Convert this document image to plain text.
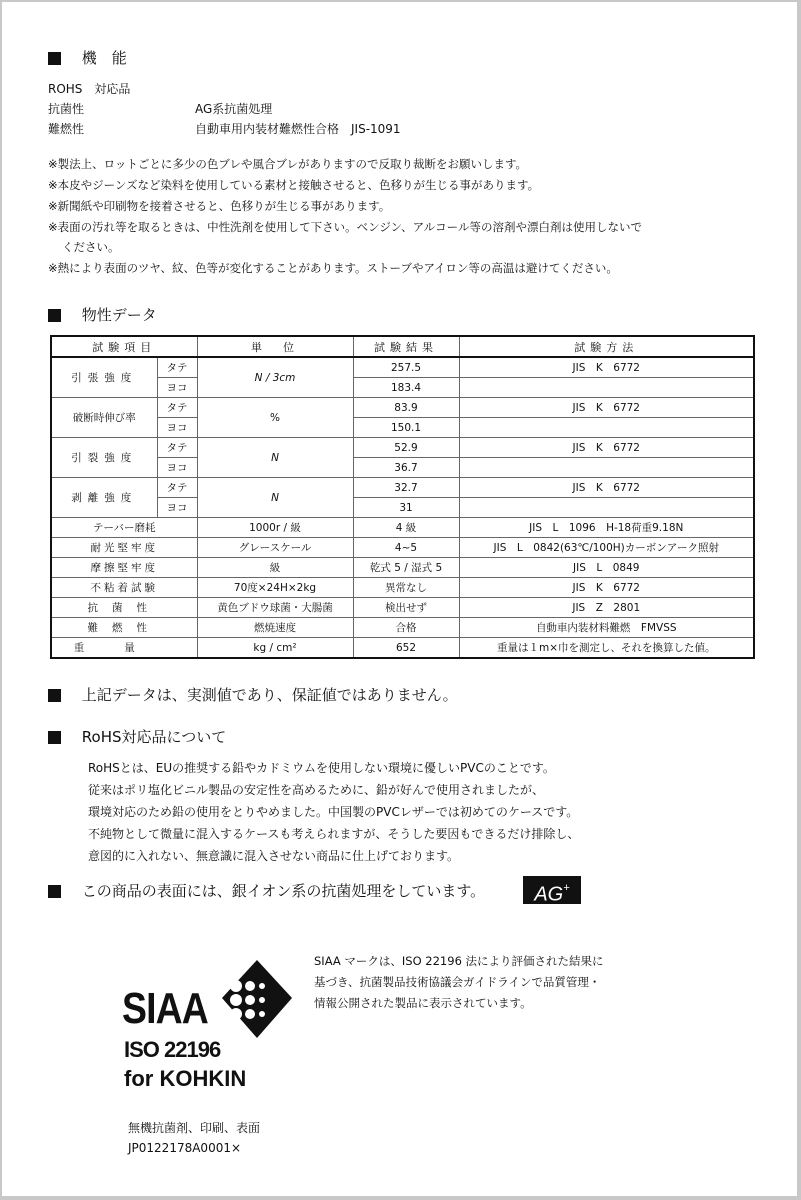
機　能
ROHS　対応品
抗菌性	AG系抗菌処理
難燃性	自動車用内装材難燃性合格　JIS-1091
※製法上、ロットごとに多少の色ブレや風合ブレがありますので反取り裁断をお願いします。
※本皮やジーンズなど染料を使用している素材と接触させると、色移りが生じる事があります。
※新聞紙や印刷物を接着させると、色移りが生じる事があります。
※表面の汚れ等を取るときは、中性洗剤を使用して下さい。ベンジン、アルコール等の溶剤や漂白剤は使用しないで
ください。
※熱により表面のツヤ、紋、色等が変化することがあります。ストーブやアイロン等の高温は避けてください。
物性データ
試験項目		単　位	試験結果	試験方法
引張強度	タテ	N / 3cm	257.5	JIS　K　6772
	ヨコ		183.4	
破断時伸び率	タテ	%	83.9	JIS　K　6772
	ヨコ		150.1	
引裂強度	タテ	N	52.9	JIS　K　6772
	ヨコ		36.7	
剥離強度	タテ	N	32.7	JIS　K　6772
	ヨコ		31	
テーバー磨耗		1000r / 級	4 級	JIS　L　1096　H-18荷重9.18N
耐光堅牢度		グレースケール	4~5	JIS　L　0842(63℃/100H)カーボンアーク照射
摩擦堅牢度		級	乾式 5 / 湿式 5	JIS　L　0849
不粘着試験		70度×24H×2kg	異常なし	JIS　K　6772
抗菌性		黄色ブドウ球菌・大腸菌	検出せず	JIS　Z　2801
難燃性		燃焼速度	合格	自動車内装材料難燃　FMVSS
重量		kg / cm²	652	重量は１m×巾を測定し、それを換算した値。
上記データは、実測値であり、保証値ではありません。
RoHS対応品について
RoHSとは、EUの推奨する鉛やカドミウムを使用しない環境に優しいPVCのことです。
従来はポリ塩化ビニル製品の安定性を高めるために、鉛が好んで使用されましたが、
環境対応のため鉛の使用をとりやめました。中国製のPVCレザーでは初めてのケースです。
不純物として微量に混入するケースも考えられますが、そうした要因もできるだけ排除し、
意図的に入れない、無意識に混入させない商品に仕上げております。
この商品の表面には、銀イオン系の抗菌処理をしています。	AG+
SIAA
ISO 22196
for KOHKIN
SIAA マークは、ISO 22196 法により評価された結果に
基づき、抗菌製品技術協議会ガイドラインで品質管理・
情報公開された製品に表示されています。
無機抗菌剤、印刷、表面
JP0122178A0001×
